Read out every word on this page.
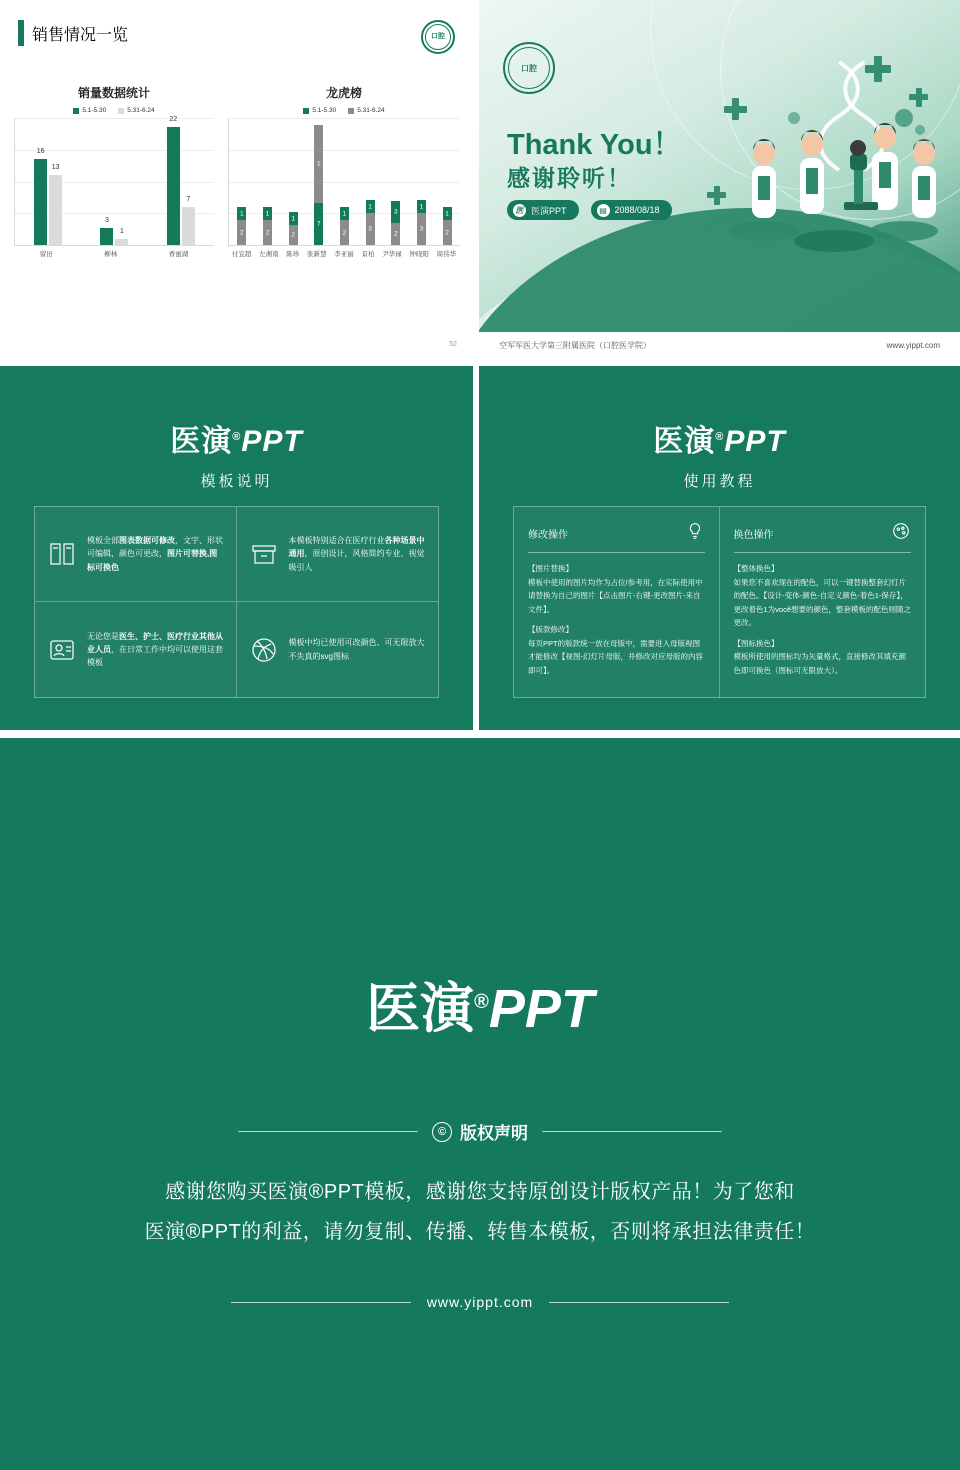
销售情况一览	口腔
销量数据统计
5.1-5.30	5.31-6.24
16
13
3
1
22
7
留田	柳林	香蜜湖
龙虎榜
5.1-5.30	5.31-6.24
1
2
1
2
1
2
1
7
1
2
1
3
3
2
1
3
1
2
付宜超 左湘南 陈珍 张新慧 李亚丽 景柏 尹华禄 钟晓阳 周伟华
52
口腔
Thank You！
感谢聆听！
医 医演PPT	▤ 2088/08/18
空军军医大学第三附属医院（口腔医学院）	www.yippt.com
医演®PPT
模板说明
模板全部图表数据可修改，文字、形状可编辑，颜色可更改，图片可替换,图标可换色
本模板特别适合在医疗行业各种场景中通用，原创设计，风格简约专业、视觉吸引人
无论您是医生、护士、医疗行业其他从业人员，在日常工作中均可以使用这套模板
模板中均已使用可改颜色、可无限放大不失真的svg图标
医演®PPT
使用教程
修改操作

【图片替换】
模板中使用的图片均作为占位/参考用，在实际使用中请替换为自己的图片【点击图片-右键-更改图片-来自文件】。

【版款修改】
每页PPT的版款统一放在母版中，需要进入母版视图才能修改【视图-幻灯片母版，并修改对应母版的内容即可】。

换色操作

【整体换色】
如果您不喜欢现在的配色，可以一键替换整套幻灯片的配色。【设计-变体-颜色-自定义颜色-着色1-保存】，更改着色1为você想要的颜色，整套模板的配色则随之更改。

【图标换色】
模板所使用的图标均为矢量格式，直接修改其填充颜色即可换色（图标可无限放大）。

医演®PPT
© 版权声明
感谢您购买医演®PPT模板，感谢您支持原创设计版权产品！为了您和
医演®PPT的利益，请勿复制、传播、转售本模板，否则将承担法律责任！
www.yippt.com
